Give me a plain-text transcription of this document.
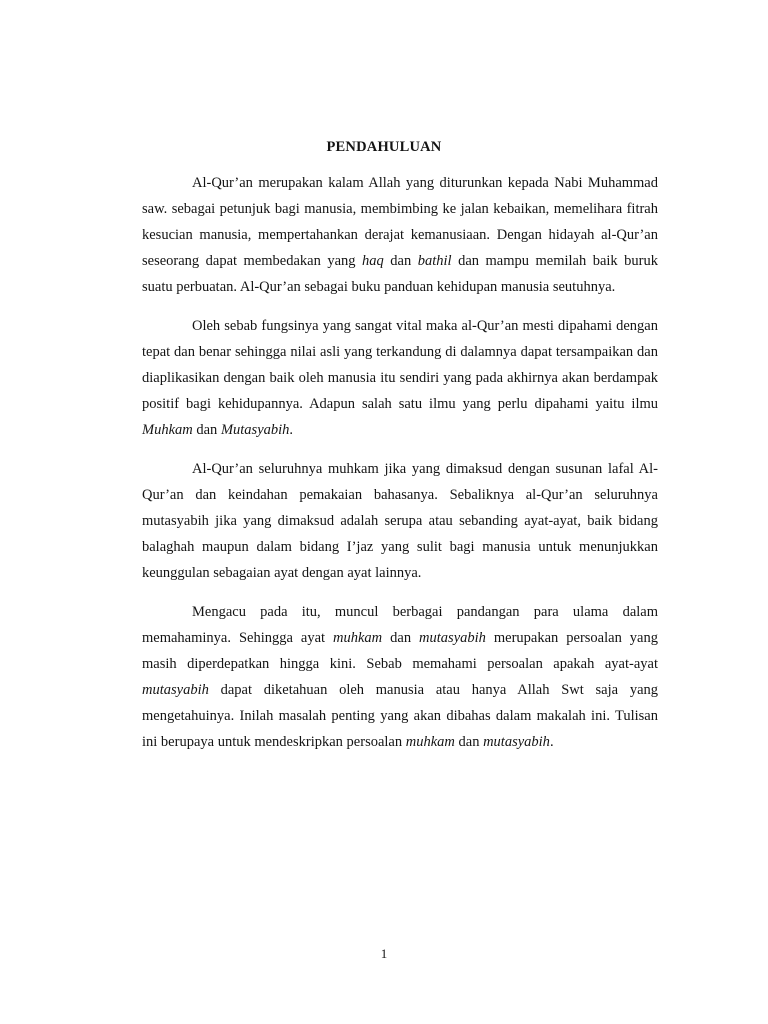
PENDAHULUAN

Al-Qur’an merupakan kalam Allah yang diturunkan kepada Nabi Muhammad saw. sebagai petunjuk bagi manusia, membimbing ke jalan kebaikan, memelihara fitrah kesucian manusia, mempertahankan derajat kemanusiaan. Dengan hidayah al-Qur’an seseorang dapat membedakan yang haq dan bathil dan mampu memilah baik buruk suatu perbuatan. Al-Qur’an sebagai buku panduan kehidupan manusia seutuhnya.

Oleh sebab fungsinya yang sangat vital maka al-Qur’an mesti dipahami dengan tepat dan benar sehingga nilai asli yang terkandung di dalamnya dapat tersampaikan dan diaplikasikan dengan baik oleh manusia itu sendiri yang pada akhirnya akan berdampak positif bagi kehidupannya. Adapun salah satu ilmu yang perlu dipahami yaitu ilmu Muhkam dan Mutasyabih.

Al-Qur’an seluruhnya muhkam jika yang dimaksud dengan susunan lafal Al-Qur’an dan keindahan pemakaian bahasanya. Sebaliknya al-Qur’an seluruhnya mutasyabih jika yang dimaksud adalah serupa atau sebanding ayat-ayat, baik bidang balaghah maupun dalam bidang I’jaz yang sulit bagi manusia untuk menunjukkan keunggulan sebagaian ayat dengan ayat lainnya.

Mengacu pada itu, muncul berbagai pandangan para ulama dalam memahaminya. Sehingga ayat muhkam dan mutasyabih merupakan persoalan yang masih diperdepatkan hingga kini. Sebab memahami persoalan apakah ayat-ayat mutasyabih dapat diketahuan oleh manusia atau hanya Allah Swt saja yang mengetahuinya. Inilah masalah penting yang akan dibahas dalam makalah ini. Tulisan ini berupaya untuk mendeskripkan persoalan muhkam dan mutasyabih.

1
